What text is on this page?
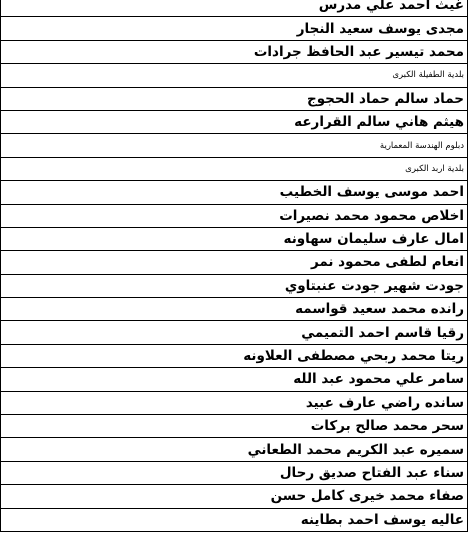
غيث احمد علي مدرس
مجدى يوسف سعيد النجار
محمد تيسير عبد الحافظ جرادات
بلدية الطفيلة الكبرى
حماد سالم حماد الحجوج
هيثم هاني سالم القرارعه
دبلوم الهندسة المعمارية
بلدية اربد الكبرى
احمد موسى يوسف الخطيب
اخلاص محمود محمد نصيرات
امال عارف سليمان سهاونه
انعام لطفى محمود نمر
جودت شهير جودت عنبتاوي
رانده محمد سعيد قواسمه
رقيا قاسم احمد التميمي
ريتا محمد ربحي مصطفى العلاونه
سامر علي محمود عبد الله
سانده راضي عارف عبيد
سحر محمد صالح بركات
سميره عبد الكريم محمد الطعاني
سناء عبد الفتاح صديق رحال
صفاء محمد خيرى كامل حسن
عاليه يوسف احمد بطاينه
